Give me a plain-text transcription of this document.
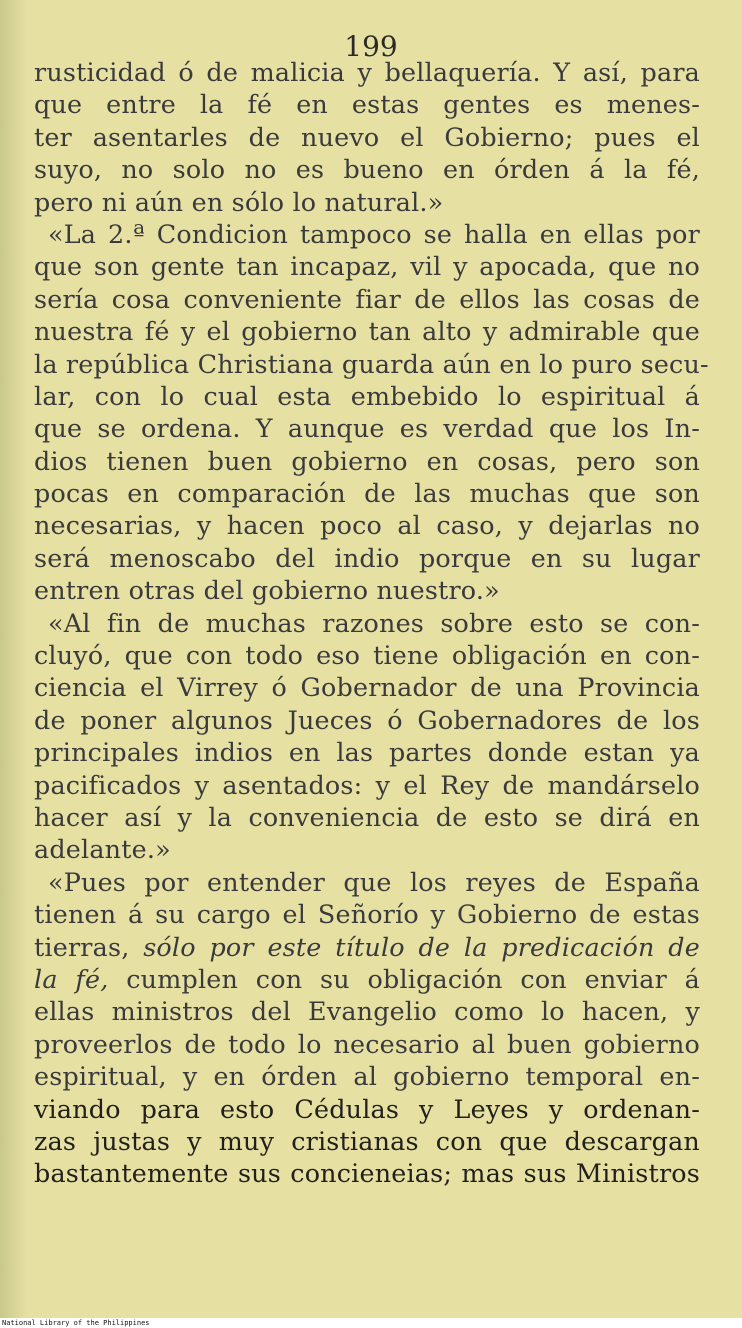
199
rusticidad ó de malicia y bellaquería. Y así, para
que entre la fé en estas gentes es menes-
ter asentarles de nuevo el Gobierno; pues el
suyo, no solo no es bueno en órden á la fé,
pero ni aún en sólo lo natural.»
«La 2.ª Condicion tampoco se halla en ellas por
que son gente tan incapaz, vil y apocada, que no
sería cosa conveniente fiar de ellos las cosas de
nuestra fé y el gobierno tan alto y admirable que
la república Christiana guarda aún en lo puro secu-
lar, con lo cual esta embebido lo espiritual á
que se ordena. Y aunque es verdad que los In-
dios tienen buen gobierno en cosas, pero son
pocas en comparación de las muchas que son
necesarias, y hacen poco al caso, y dejarlas no
será menoscabo del indio porque en su lugar
entren otras del gobierno nuestro.»
«Al fin de muchas razones sobre esto se con-
cluyó, que con todo eso tiene obligación en con-
ciencia el Virrey ó Gobernador de una Provincia
de poner algunos Jueces ó Gobernadores de los
principales indios en las partes donde estan ya
pacificados y asentados: y el Rey de mandárselo
hacer así y la conveniencia de esto se dirá en
adelante.»
«Pues por entender que los reyes de España
tienen á su cargo el Señorío y Gobierno de estas
tierras, sólo por este título de la predicación de
la fé, cumplen con su obligación con enviar á
ellas ministros del Evangelio como lo hacen, y
proveerlos de todo lo necesario al buen gobierno
espiritual, y en órden al gobierno temporal en-
viando para esto Cédulas y Leyes y ordenan-
zas justas y muy cristianas con que descargan
bastantemente sus concieneias; mas sus Ministros
National Library of the Philippines
